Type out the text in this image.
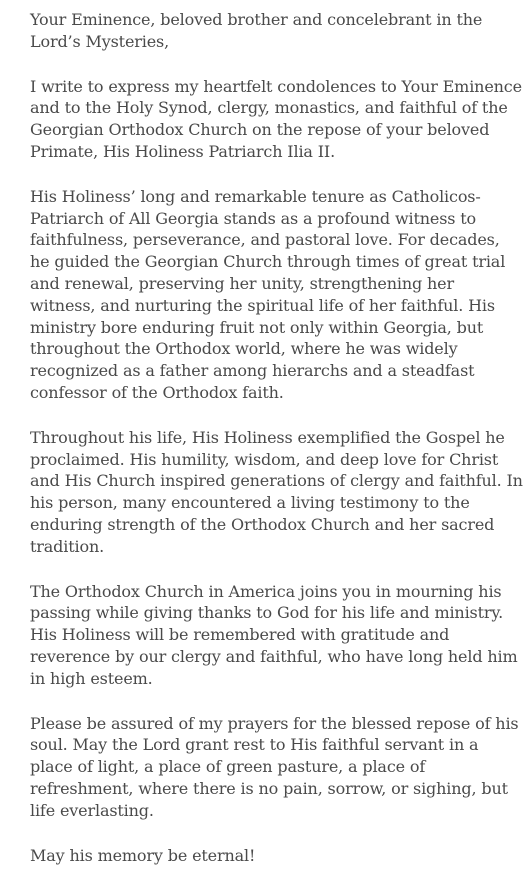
Your Eminence, beloved brother and concelebrant in the Lord’s Mysteries,

I write to express my heartfelt condolences to Your Eminence and to the Holy Synod, clergy, monastics, and faithful of the Georgian Orthodox Church on the repose of your beloved Primate, His Holiness Patriarch Ilia II.

His Holiness’ long and remarkable tenure as Catholicos-Patriarch of All Georgia stands as a profound witness to faithfulness, perseverance, and pastoral love. For decades, he guided the Georgian Church through times of great trial and renewal, preserving her unity, strengthening her witness, and nurturing the spiritual life of her faithful. His ministry bore enduring fruit not only within Georgia, but throughout the Orthodox world, where he was widely recognized as a father among hierarchs and a steadfast confessor of the Orthodox faith.

Throughout his life, His Holiness exemplified the Gospel he proclaimed. His humility, wisdom, and deep love for Christ and His Church inspired generations of clergy and faithful. In his person, many encountered a living testimony to the enduring strength of the Orthodox Church and her sacred tradition.

The Orthodox Church in America joins you in mourning his passing while giving thanks to God for his life and ministry. His Holiness will be remembered with gratitude and reverence by our clergy and faithful, who have long held him in high esteem.

Please be assured of my prayers for the blessed repose of his soul. May the Lord grant rest to His faithful servant in a place of light, a place of green pasture, a place of refreshment, where there is no pain, sorrow, or sighing, but life everlasting.

May his memory be eternal!
